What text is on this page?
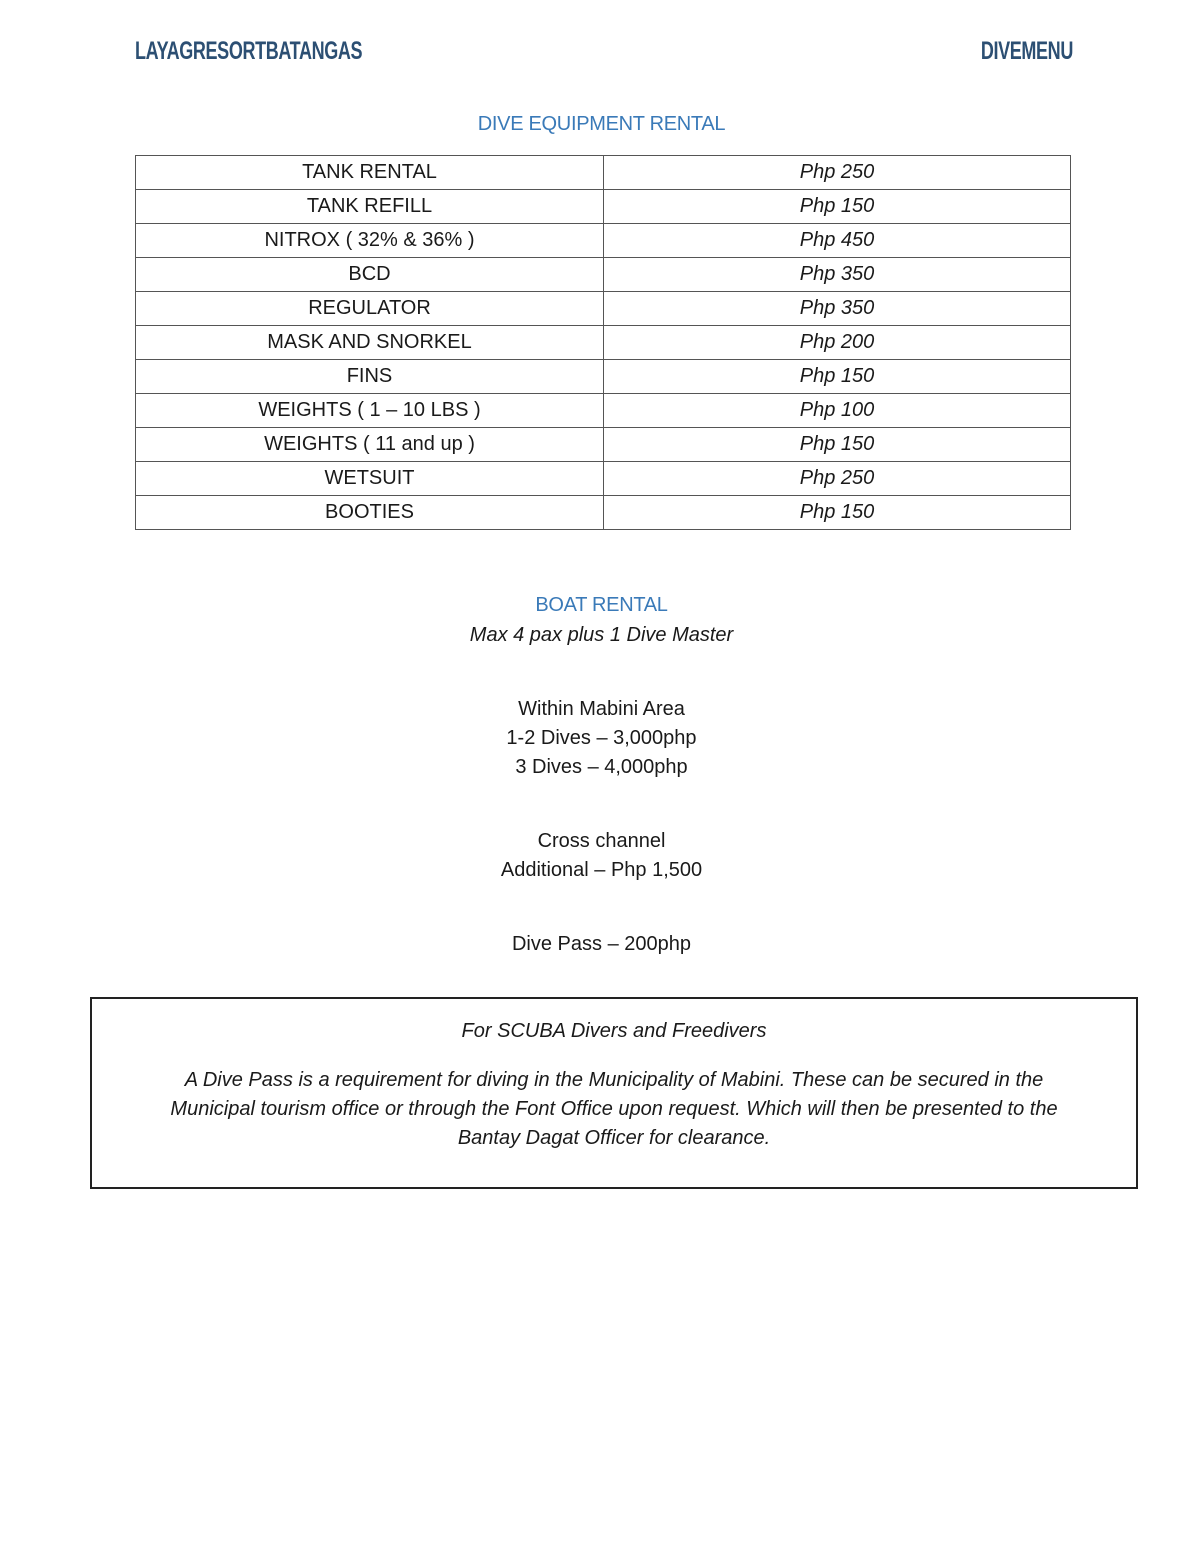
LAYAGRESORTBATANGAS	DIVEMENU
DIVE EQUIPMENT RENTAL
TANK RENTAL	Php 250
TANK REFILL	Php 150
NITROX ( 32% & 36% )	Php 450
BCD	Php 350
REGULATOR	Php 350
MASK AND SNORKEL	Php 200
FINS	Php 150
WEIGHTS ( 1 – 10 LBS )	Php 100
WEIGHTS ( 11 and up )	Php 150
WETSUIT	Php 250
BOOTIES	Php 150
BOAT RENTAL
Max 4 pax plus 1 Dive Master
Within Mabini Area
1-2 Dives – 3,000php
3 Dives – 4,000php
Cross channel
Additional – Php 1,500
Dive Pass – 200php
For SCUBA Divers and Freedivers
A Dive Pass is a requirement for diving in the Municipality of Mabini. These can be secured in the Municipal tourism office or through the Font Office upon request. Which will then be presented to the Bantay Dagat Officer for clearance.
